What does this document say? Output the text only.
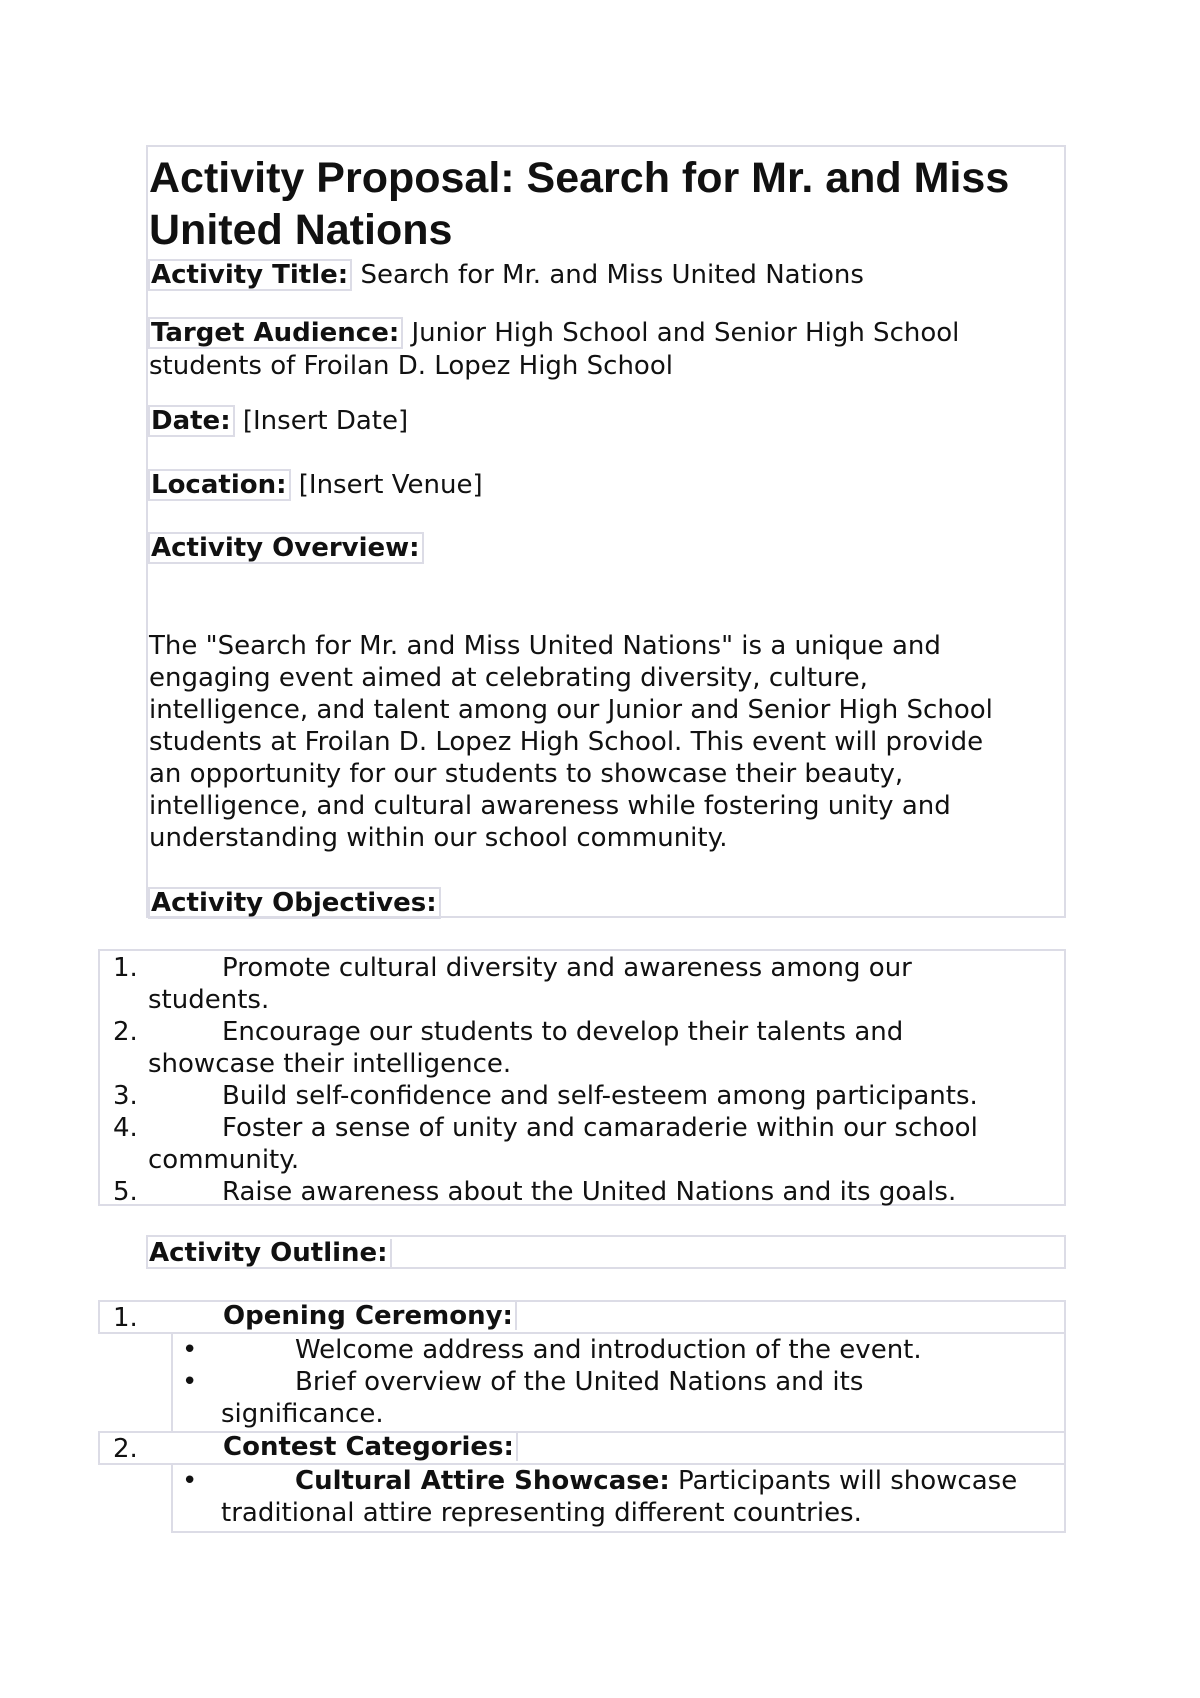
Activity Proposal: Search for Mr. and Miss
United Nations
Activity Title: Search for Mr. and Miss United Nations
Target Audience: Junior High School and Senior High School
students of Froilan D. Lopez High School
Date: [Insert Date]
Location: [Insert Venue]
Activity Overview:
The "Search for Mr. and Miss United Nations" is a unique and
engaging event aimed at celebrating diversity, culture,
intelligence, and talent among our Junior and Senior High School
students at Froilan D. Lopez High School. This event will provide
an opportunity for our students to showcase their beauty,
intelligence, and cultural awareness while fostering unity and
understanding within our school community.
Activity Objectives:
1.	Promote cultural diversity and awareness among our
students.
2.	Encourage our students to develop their talents and
showcase their intelligence.
3.	Build self-confidence and self-esteem among participants.
4.	Foster a sense of unity and camaraderie within our school
community.
5.	Raise awareness about the United Nations and its goals.
Activity Outline:
1.	Opening Ceremony:
•	Welcome address and introduction of the event.
•	Brief overview of the United Nations and its
significance.
2.	Contest Categories:
•	Cultural Attire Showcase: Participants will showcase
traditional attire representing different countries.
